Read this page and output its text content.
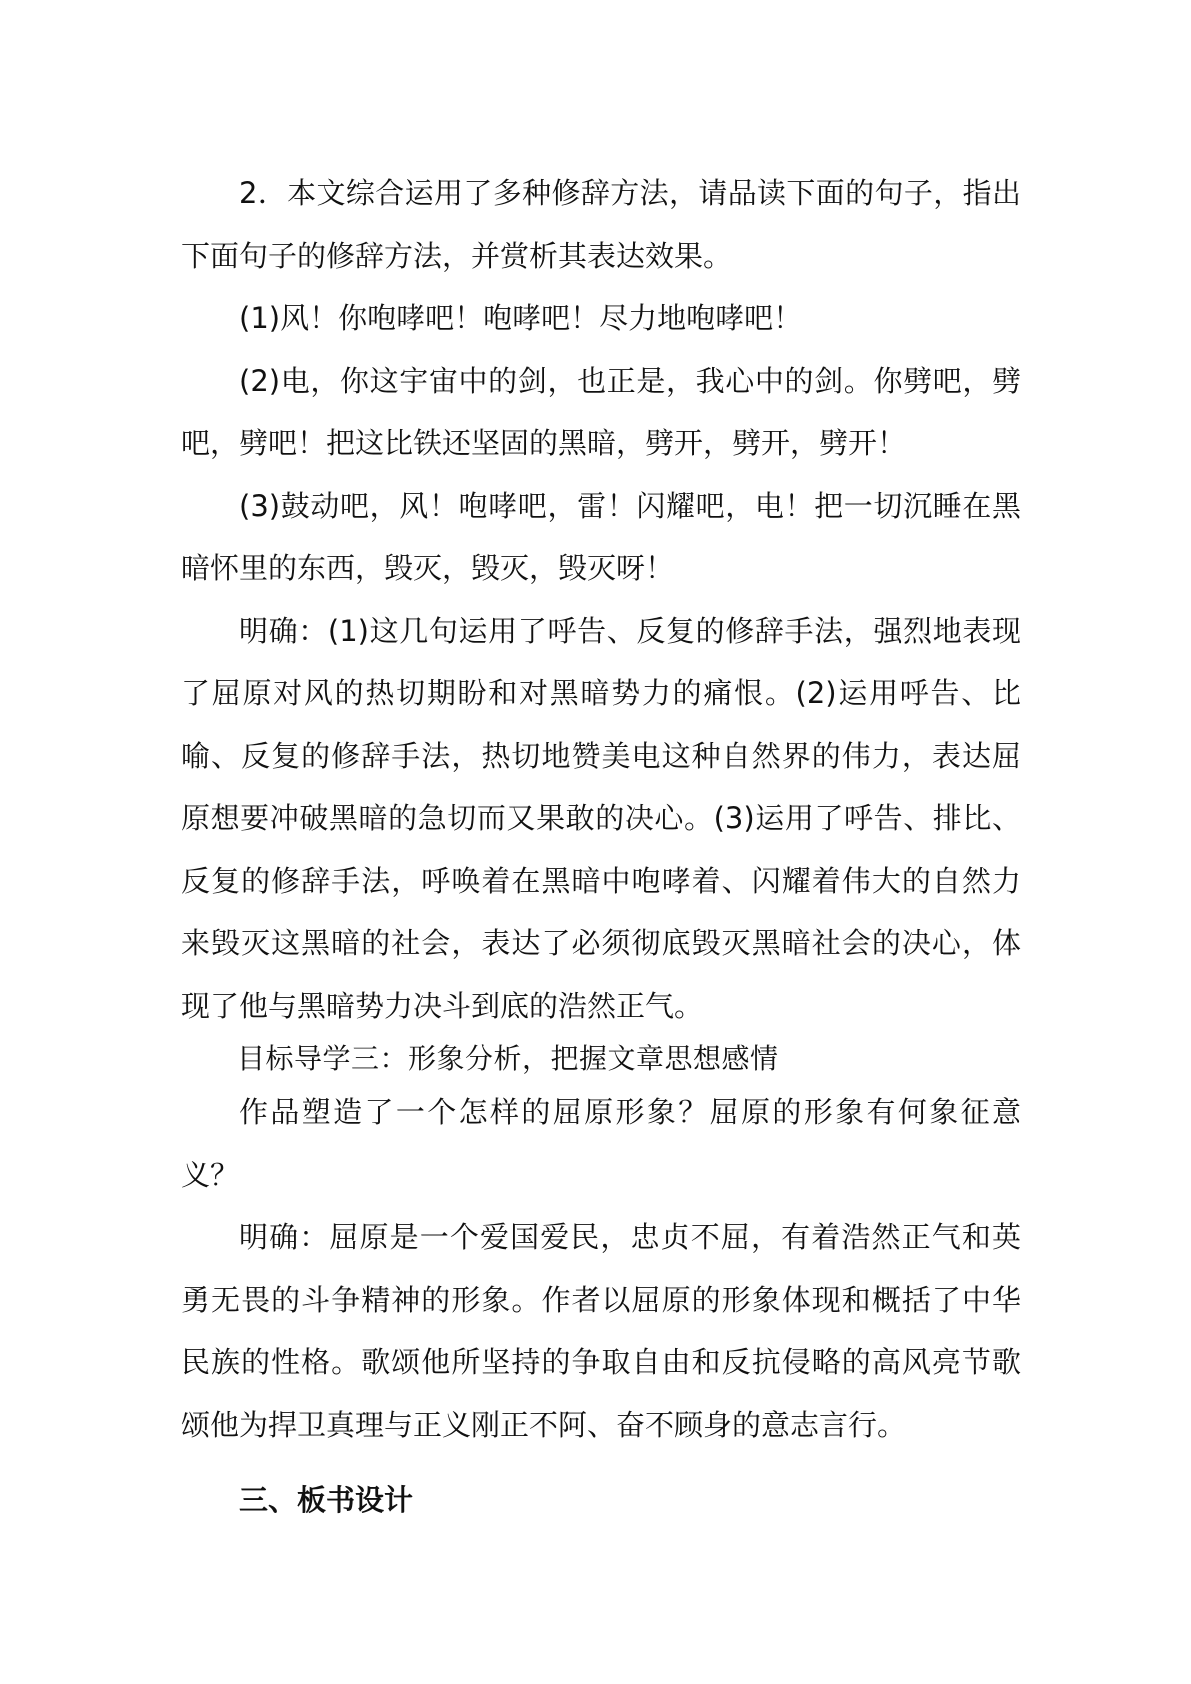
2．本文综合运用了多种修辞方法，请品读下面的句子，指出下面句子的修辞方法，并赏析其表达效果。

(1)风！你咆哮吧！咆哮吧！尽力地咆哮吧！

(2)电，你这宇宙中的剑，也正是，我心中的剑。你劈吧，劈吧，劈吧！把这比铁还坚固的黑暗，劈开，劈开，劈开！

(3)鼓动吧，风！咆哮吧，雷！闪耀吧，电！把一切沉睡在黑暗怀里的东西，毁灭，毁灭，毁灭呀！

明确：(1)这几句运用了呼告、反复的修辞手法，强烈地表现了屈原对风的热切期盼和对黑暗势力的痛恨。(2)运用呼告、比喻、反复的修辞手法，热切地赞美电这种自然界的伟力，表达屈原想要冲破黑暗的急切而又果敢的决心。(3)运用了呼告、排比、反复的修辞手法，呼唤着在黑暗中咆哮着、闪耀着伟大的自然力来毁灭这黑暗的社会，表达了必须彻底毁灭黑暗社会的决心，体现了他与黑暗势力决斗到底的浩然正气。

目标导学三：形象分析，把握文章思想感情

作品塑造了一个怎样的屈原形象？屈原的形象有何象征意义？

明确：屈原是一个爱国爱民，忠贞不屈，有着浩然正气和英勇无畏的斗争精神的形象。作者以屈原的形象体现和概括了中华民族的性格。歌颂他所坚持的争取自由和反抗侵略的高风亮节歌颂他为捍卫真理与正义刚正不阿、奋不顾身的意志言行。

三、板书设计
